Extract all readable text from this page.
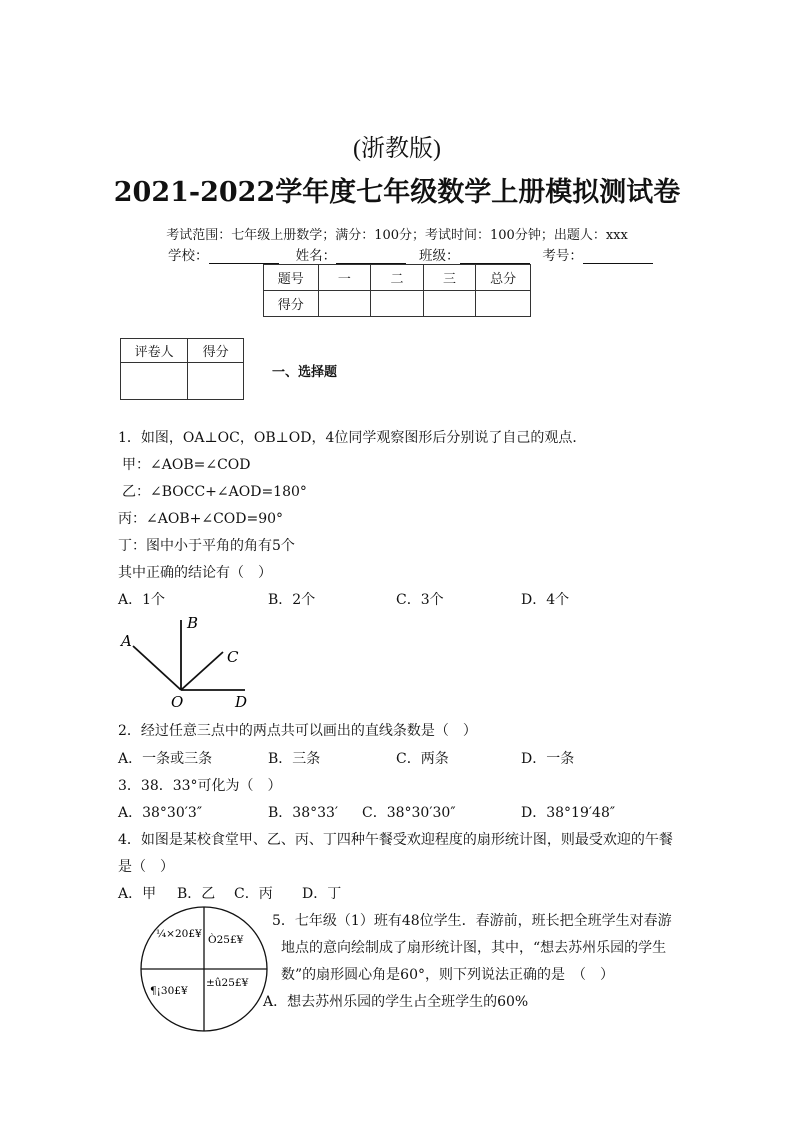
(浙教版)
2021-2022学年度七年级数学上册模拟测试卷
考试范围：七年级上册数学；满分：100分；考试时间：100分钟；出题人：xxx
学校：	姓名：	班级：	考号：
题号	一	二	三	总分
得分				
评卷人	得分

一、选择题
1．如图，OA⊥OC，OB⊥OD，4位同学观察图形后分别说了自己的观点．
甲：∠AOB=∠COD
乙：∠BOCC+∠AOD=180°
丙：∠AOB+∠COD=90°
丁：图中小于平角的角有5个
其中正确的结论有（　）
A．1个	B．2个	C．3个	D．4个
A
B
C
O	D
2．经过任意三点中的两点共可以画出的直线条数是（　）
A．一条或三条	B．三条	C．两条	D．一条
3．38．33°可化为（　）
A．38°30′3″	B．38°33′ C．38°30′30″	D．38°19′48″
4．如图是某校食堂甲、乙、丙、丁四种午餐受欢迎程度的扇形统计图，则最受欢迎的午餐
是（　）
A．甲 B．乙 C．丙 D．丁
¼×20£¥ Ò25£¥
¶¡30£¥
±û25£¥
5．七年级（1）班有48位学生．春游前，班长把全班学生对春游
地点的意向绘制成了扇形统计图，其中，“想去苏州乐园的学生
数”的扇形圆心角是60°，则下列说法正确的是　（　）
A．想去苏州乐园的学生占全班学生的60%
